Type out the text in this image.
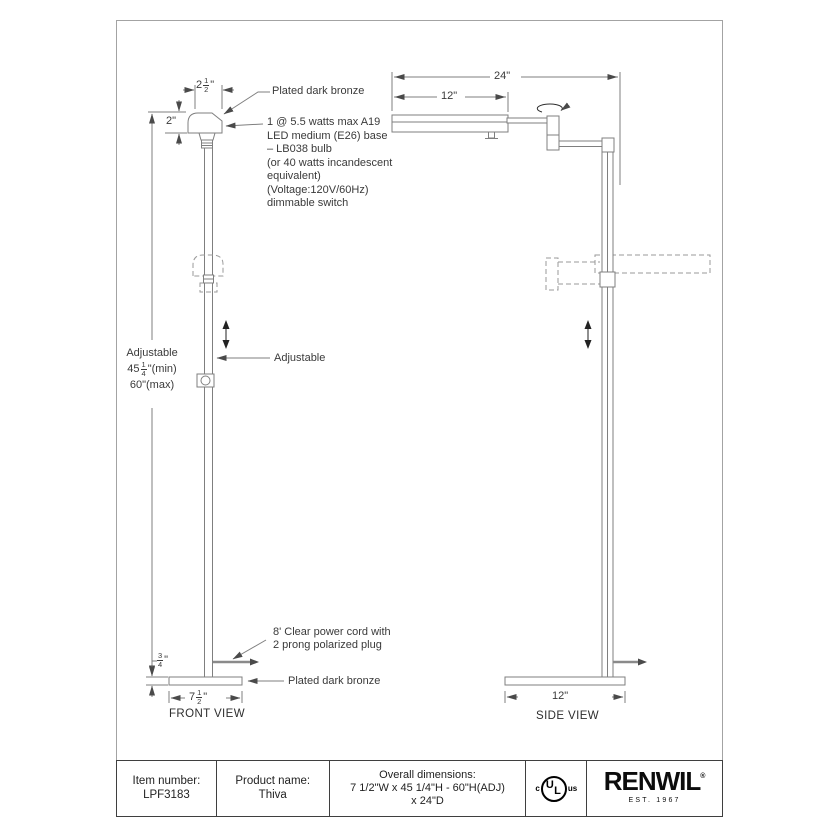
Plated dark bronze
1 @ 5.5 watts max A19
LED medium (E26) base
– LB038 bulb
(or 40 watts incandescent
equivalent)
(Voltage:120V/60Hz)
dimmable switch
Adjustable
$45 \frac{1}{4}$ "(min)
60"(max)
Adjustable
8' Clear power cord with
2 prong polarized plug
Plated dark bronze
FRONT VIEW	SIDE VIEW
$2 \frac{1}{2}$ "
2"
$\frac{3}{4}$ "
$7 \frac{1}{2}$ "
24"
12"
12"
Item number:
LPF3183
Product name:
Thiva
Overall dimensions:
7 1/2"W x 45 1/4"H - 60"H(ADJ)
x 24"D
c U
L us RENWIL ®
EST. 1967
